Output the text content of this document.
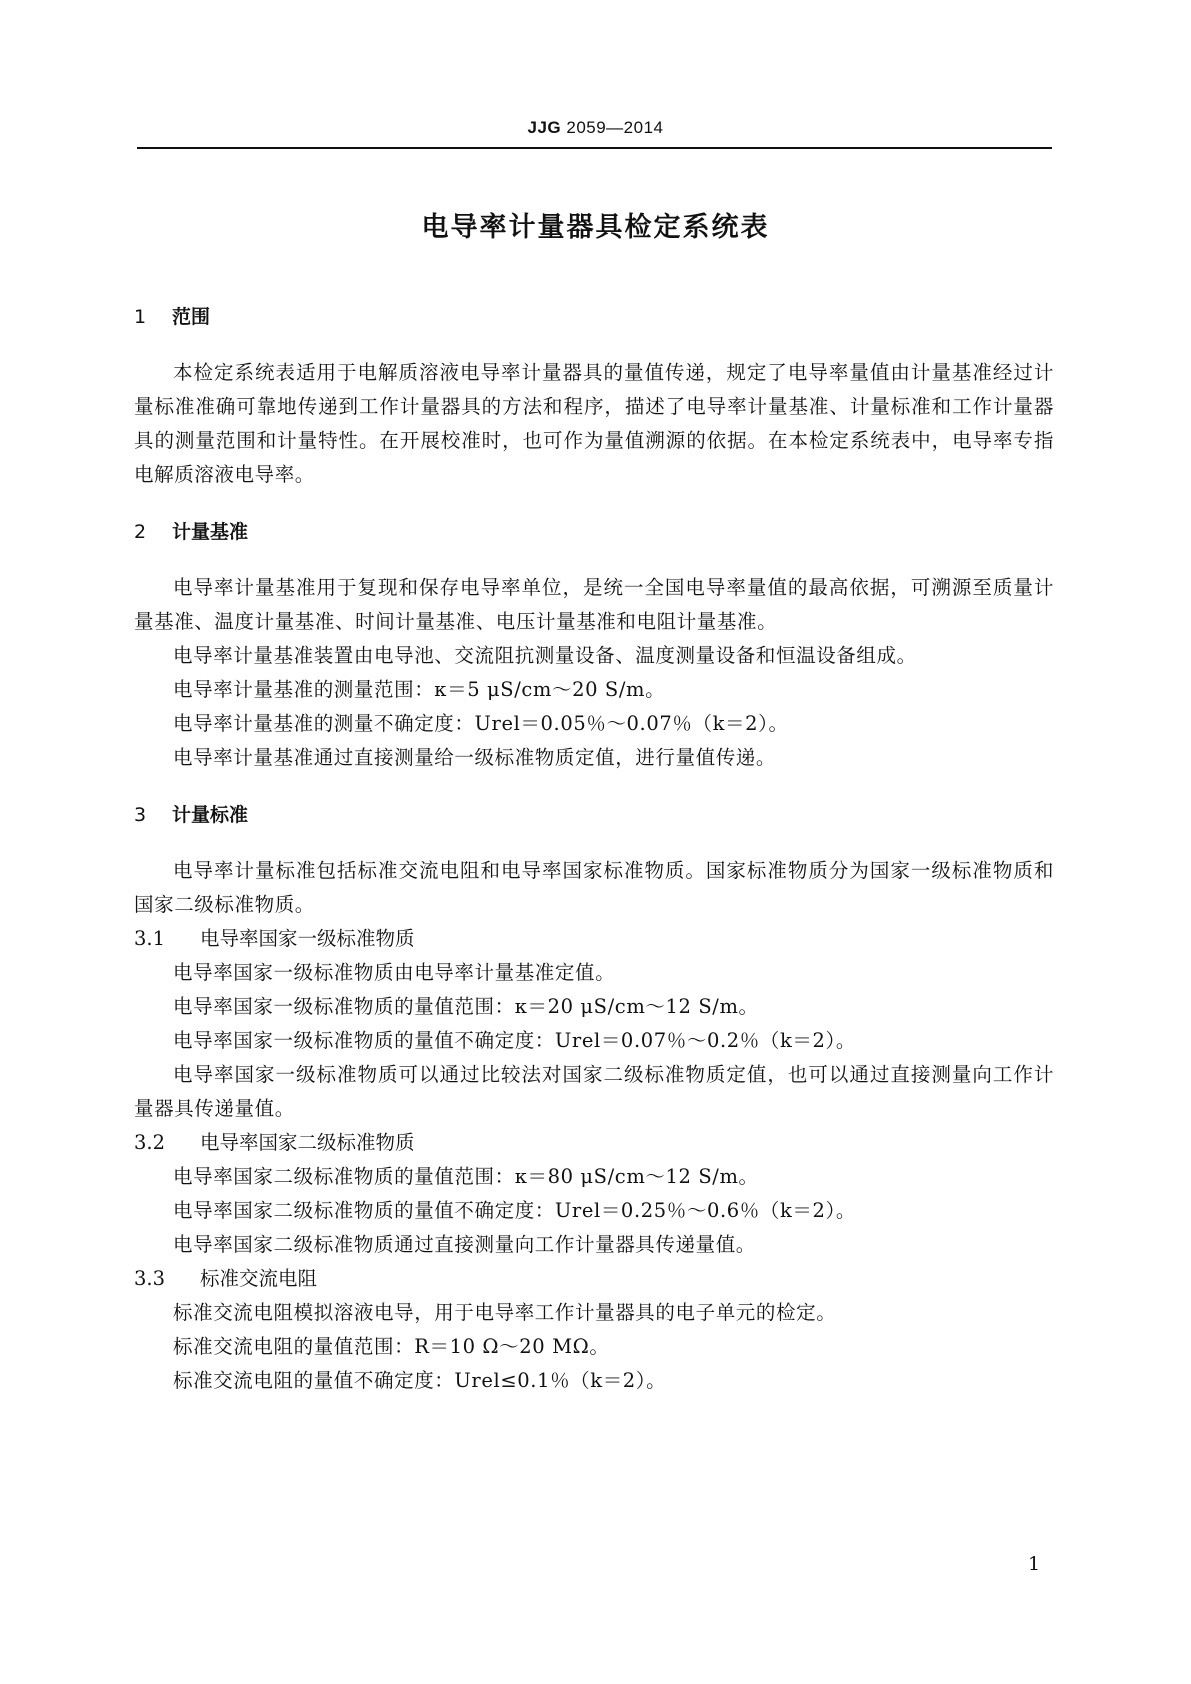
JJG 2059—2014
电导率计量器具检定系统表
1 范围

本检定系统表适用于电解质溶液电导率计量器具的量值传递，规定了电导率量值由计量基准经过计量标准准确可靠地传递到工作计量器具的方法和程序，描述了电导率计量基准、计量标准和工作计量器具的测量范围和计量特性。在开展校准时，也可作为量值溯源的依据。在本检定系统表中，电导率专指电解质溶液电导率。

2 计量基准

电导率计量基准用于复现和保存电导率单位，是统一全国电导率量值的最高依据，可溯源至质量计量基准、温度计量基准、时间计量基准、电压计量基准和电阻计量基准。

电导率计量基准装置由电导池、交流阻抗测量设备、温度测量设备和恒温设备组成。

电导率计量基准的测量范围：κ＝5 μS/cm～20 S/m。

电导率计量基准的测量不确定度：Urel＝0.05％～0.07％（k＝2）。

电导率计量基准通过直接测量给一级标准物质定值，进行量值传递。

3 计量标准

电导率计量标准包括标准交流电阻和电导率国家标准物质。国家标准物质分为国家一级标准物质和国家二级标准物质。

3.1 电导率国家一级标准物质

电导率国家一级标准物质由电导率计量基准定值。

电导率国家一级标准物质的量值范围：κ＝20 μS/cm～12 S/m。

电导率国家一级标准物质的量值不确定度：Urel＝0.07％～0.2％（k＝2）。

电导率国家一级标准物质可以通过比较法对国家二级标准物质定值，也可以通过直接测量向工作计量器具传递量值。

3.2 电导率国家二级标准物质

电导率国家二级标准物质的量值范围：κ＝80 μS/cm～12 S/m。

电导率国家二级标准物质的量值不确定度：Urel＝0.25％～0.6％（k＝2）。

电导率国家二级标准物质通过直接测量向工作计量器具传递量值。

3.3 标准交流电阻

标准交流电阻模拟溶液电导，用于电导率工作计量器具的电子单元的检定。

标准交流电阻的量值范围：R＝10 Ω～20 MΩ。

标准交流电阻的量值不确定度：Urel≤0.1％（k＝2）。

1
